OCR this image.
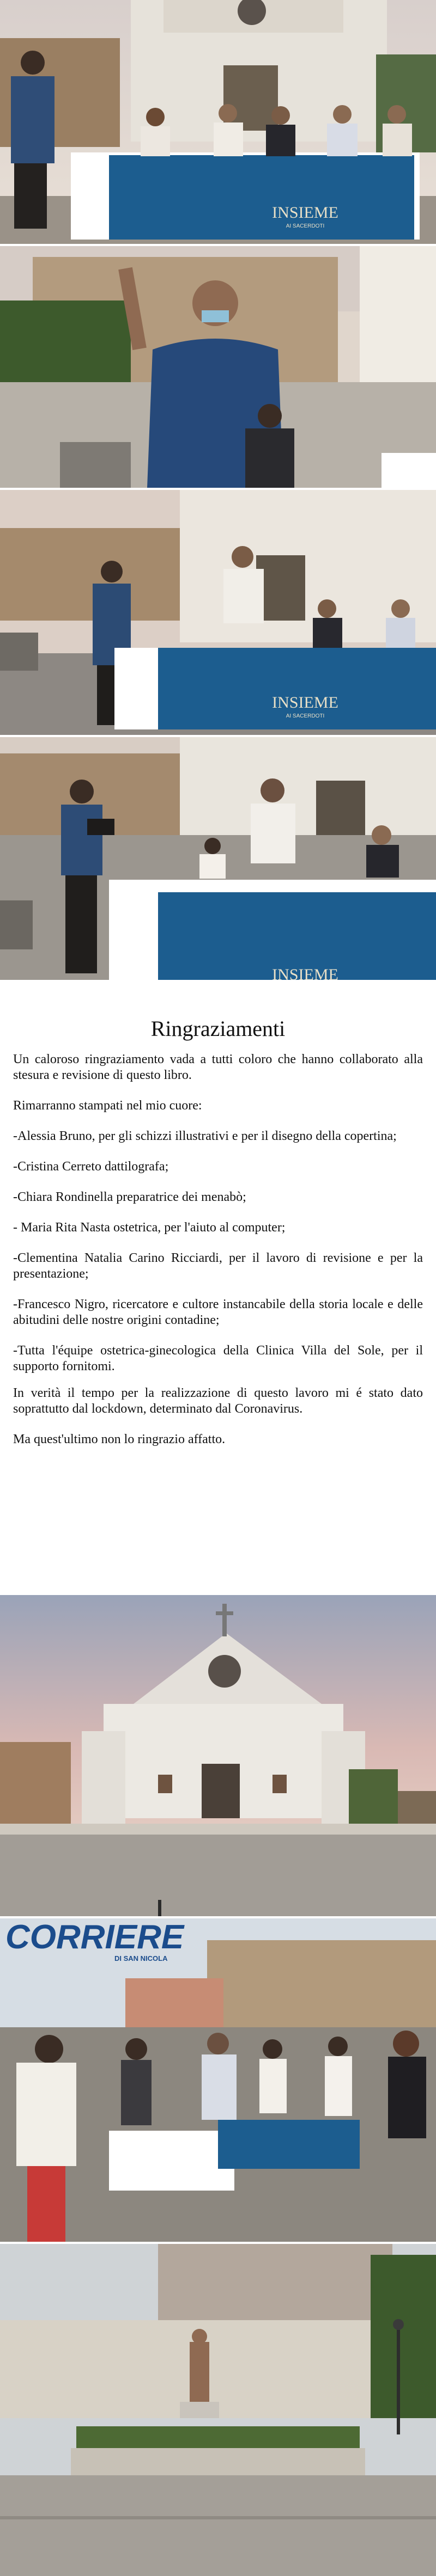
INSIEME
AI SACERDOTI
INSIEME
AI SACERDOTI
INSIEME
Ringraziamenti

Un caloroso ringraziamento vada a tutti coloro che hanno collaborato alla stesura e revisione di questo libro.

Rimarranno stampati nel mio cuore:

-Alessia Bruno, per gli schizzi illustrativi e per il disegno della copertina;

-Cristina Cerreto dattilografa;

-Chiara Rondinella preparatrice dei menabò;

- Maria Rita Nasta ostetrica, per l'aiuto al computer;

-Clementina Natalia Carino Ricciardi, per il lavoro di revisione e per la presentazione;

-Francesco Nigro, ricercatore e cultore instancabile della storia locale e delle abitudini delle nostre origini contadine;

-Tutta l'équipe ostetrica-ginecologica della Clinica Villa del Sole, per il supporto fornitomi.

In verità il tempo per la realizzazione di questo lavoro mi é stato dato soprattutto dal lockdown, determinato dal Coronavirus.

Ma quest'ultimo non lo ringrazio affatto.

CORRIERE
DI SAN NICOLA
